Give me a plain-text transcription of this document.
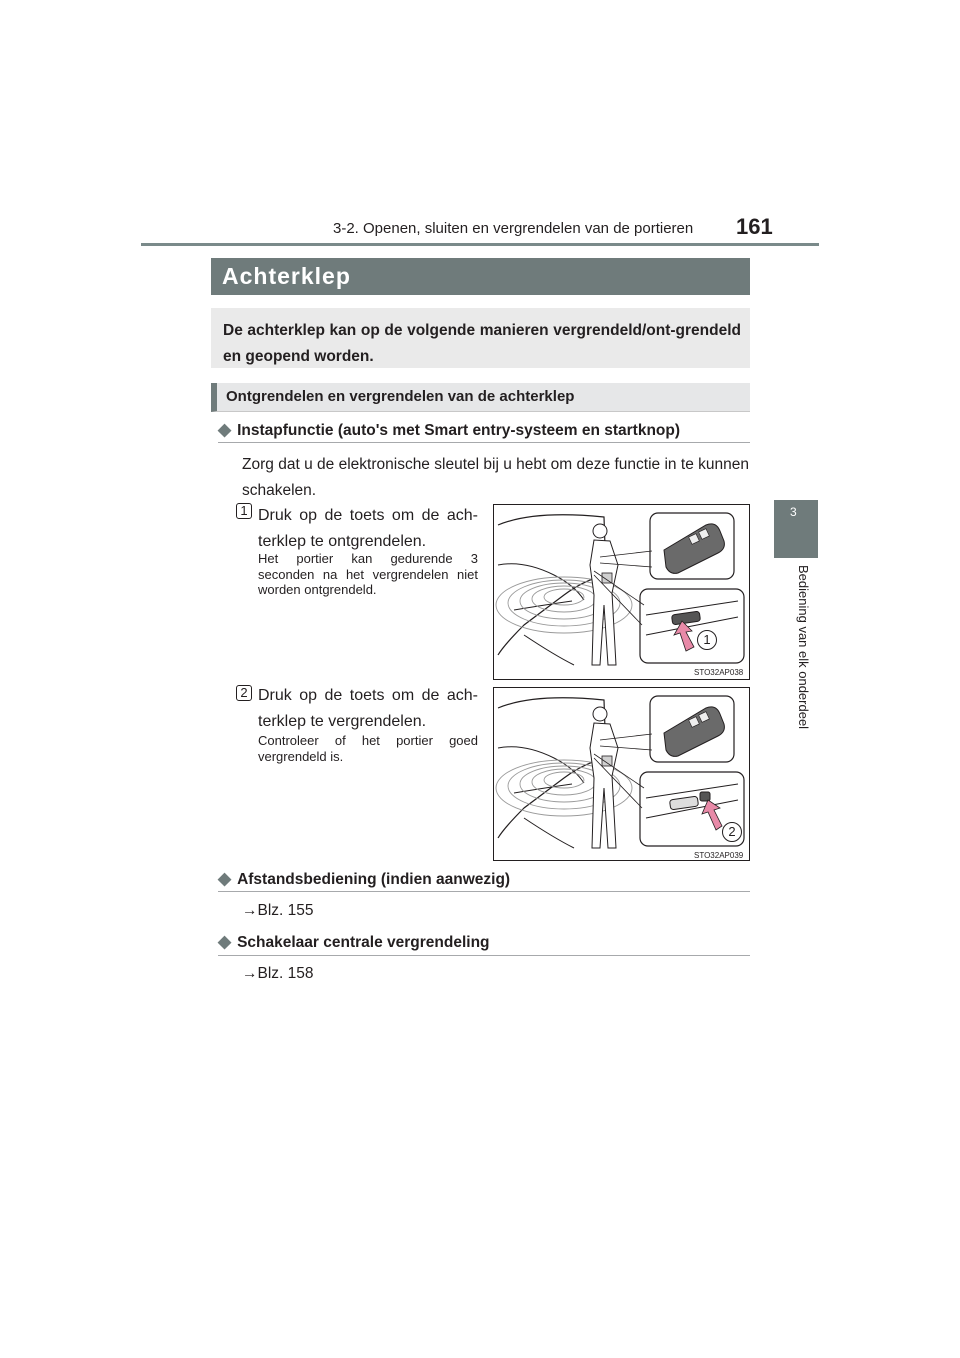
3-2. Openen, sluiten en vergrendelen van de portieren 161
3
Bediening van elk onderdeel
Achterklep
De achterklep kan op de volgende manieren vergrendeld/ont-grendeld en geopend worden.
Ontgrendelen en vergrendelen van de achterklep
◆ Instapfunctie (auto's met Smart entry-systeem en startknop)
Zorg dat u de elektronische sleutel bij u hebt om deze functie in te kunnen schakelen.
1 Druk op de toets om de ach-terklep te ontgrendelen.
Het portier kan gedurende 3 seconden na het vergrendelen niet worden ontgrendeld.
1
STO32AP038
2 Druk op de toets om de ach-terklep te vergrendelen.
Controleer of het portier goed vergrendeld is.
2
STO32AP039
◆ Afstandsbediening (indien aanwezig)
→Blz. 155
◆ Schakelaar centrale vergrendeling
→Blz. 158
